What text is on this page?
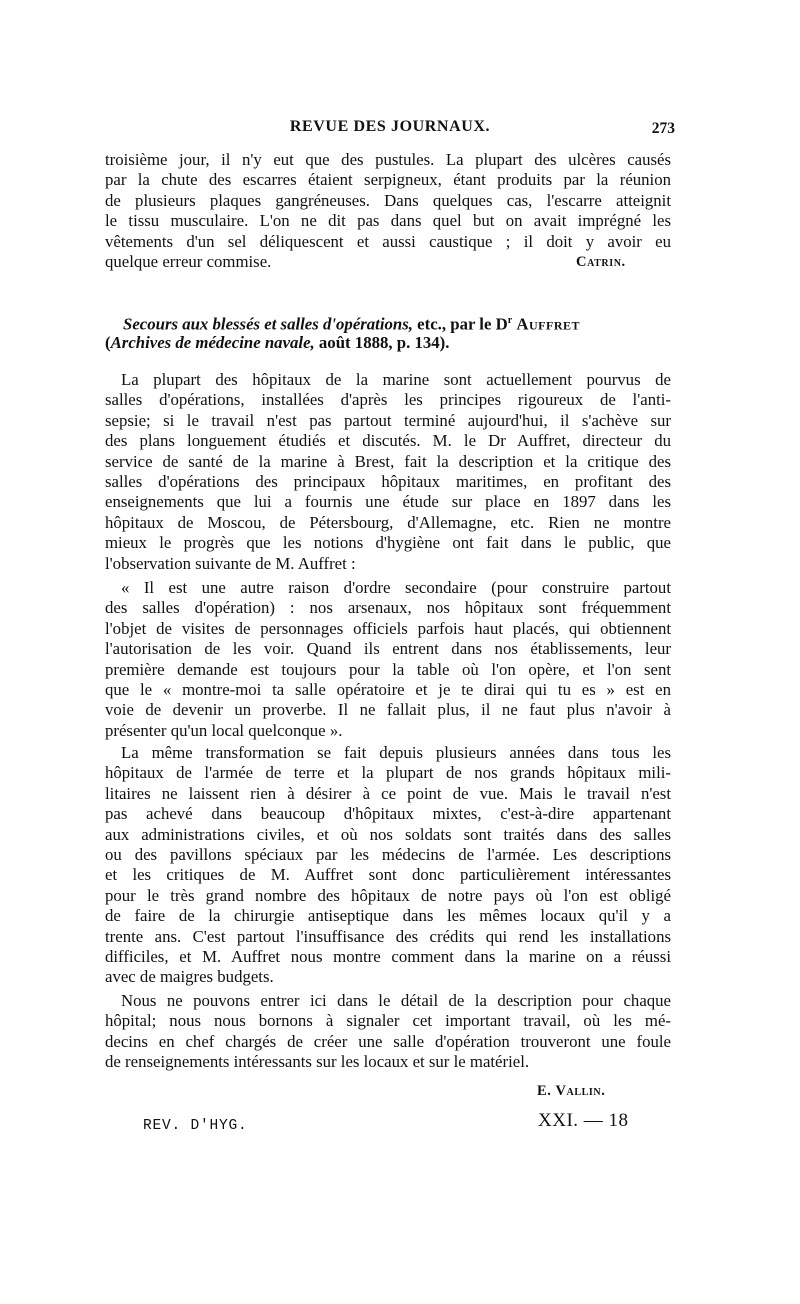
REVUE DES JOURNAUX.	273
troisième jour, il n'y eut que des pustules. La plupart des ulcères causés
par la chute des escarres étaient serpigneux, étant produits par la réunion
de plusieurs plaques gangréneuses. Dans quelques cas, l'escarre atteignit
le tissu musculaire. L'on ne dit pas dans quel but on avait imprégné les
vêtements d'un sel déliquescent et aussi caustique ; il doit y avoir eu
quelque erreur commise.	Catrin.
Secours aux blessés et salles d'opérations, etc., par le $D^r$ Auffret
(Archives de médecine navale, août 1888, p. 134).
La plupart des hôpitaux de la marine sont actuellement pourvus de
salles d'opérations, installées d'après les principes rigoureux de l'anti-
sepsie; si le travail n'est pas partout terminé aujourd'hui, il s'achève sur
des plans longuement étudiés et discutés. M. le Dr Auffret, directeur du
service de santé de la marine à Brest, fait la description et la critique des
salles d'opérations des principaux hôpitaux maritimes, en profitant des
enseignements que lui a fournis une étude sur place en 1897 dans les
hôpitaux de Moscou, de Pétersbourg, d'Allemagne, etc. Rien ne montre
mieux le progrès que les notions d'hygiène ont fait dans le public, que
l'observation suivante de M. Auffret :
« Il est une autre raison d'ordre secondaire (pour construire partout
des salles d'opération) : nos arsenaux, nos hôpitaux sont fréquemment
l'objet de visites de personnages officiels parfois haut placés, qui obtiennent
l'autorisation de les voir. Quand ils entrent dans nos établissements, leur
première demande est toujours pour la table où l'on opère, et l'on sent
que le « montre-moi ta salle opératoire et je te dirai qui tu es » est en
voie de devenir un proverbe. Il ne fallait plus, il ne faut plus n'avoir à
présenter qu'un local quelconque ».
La même transformation se fait depuis plusieurs années dans tous les
hôpitaux de l'armée de terre et la plupart de nos grands hôpitaux mili-
litaires ne laissent rien à désirer à ce point de vue. Mais le travail n'est
pas achevé dans beaucoup d'hôpitaux mixtes, c'est-à-dire appartenant
aux administrations civiles, et où nos soldats sont traités dans des salles
ou des pavillons spéciaux par les médecins de l'armée. Les descriptions
et les critiques de M. Auffret sont donc particulièrement intéressantes
pour le très grand nombre des hôpitaux de notre pays où l'on est obligé
de faire de la chirurgie antiseptique dans les mêmes locaux qu'il y a
trente ans. C'est partout l'insuffisance des crédits qui rend les installations
difficiles, et M. Auffret nous montre comment dans la marine on a réussi
avec de maigres budgets.
Nous ne pouvons entrer ici dans le détail de la description pour chaque
hôpital; nous nous bornons à signaler cet important travail, où les mé-
decins en chef chargés de créer une salle d'opération trouveront une foule
de renseignements intéressants sur les locaux et sur le matériel.
E. Vallin.
REV. D'HYG.	XXI. — 18
